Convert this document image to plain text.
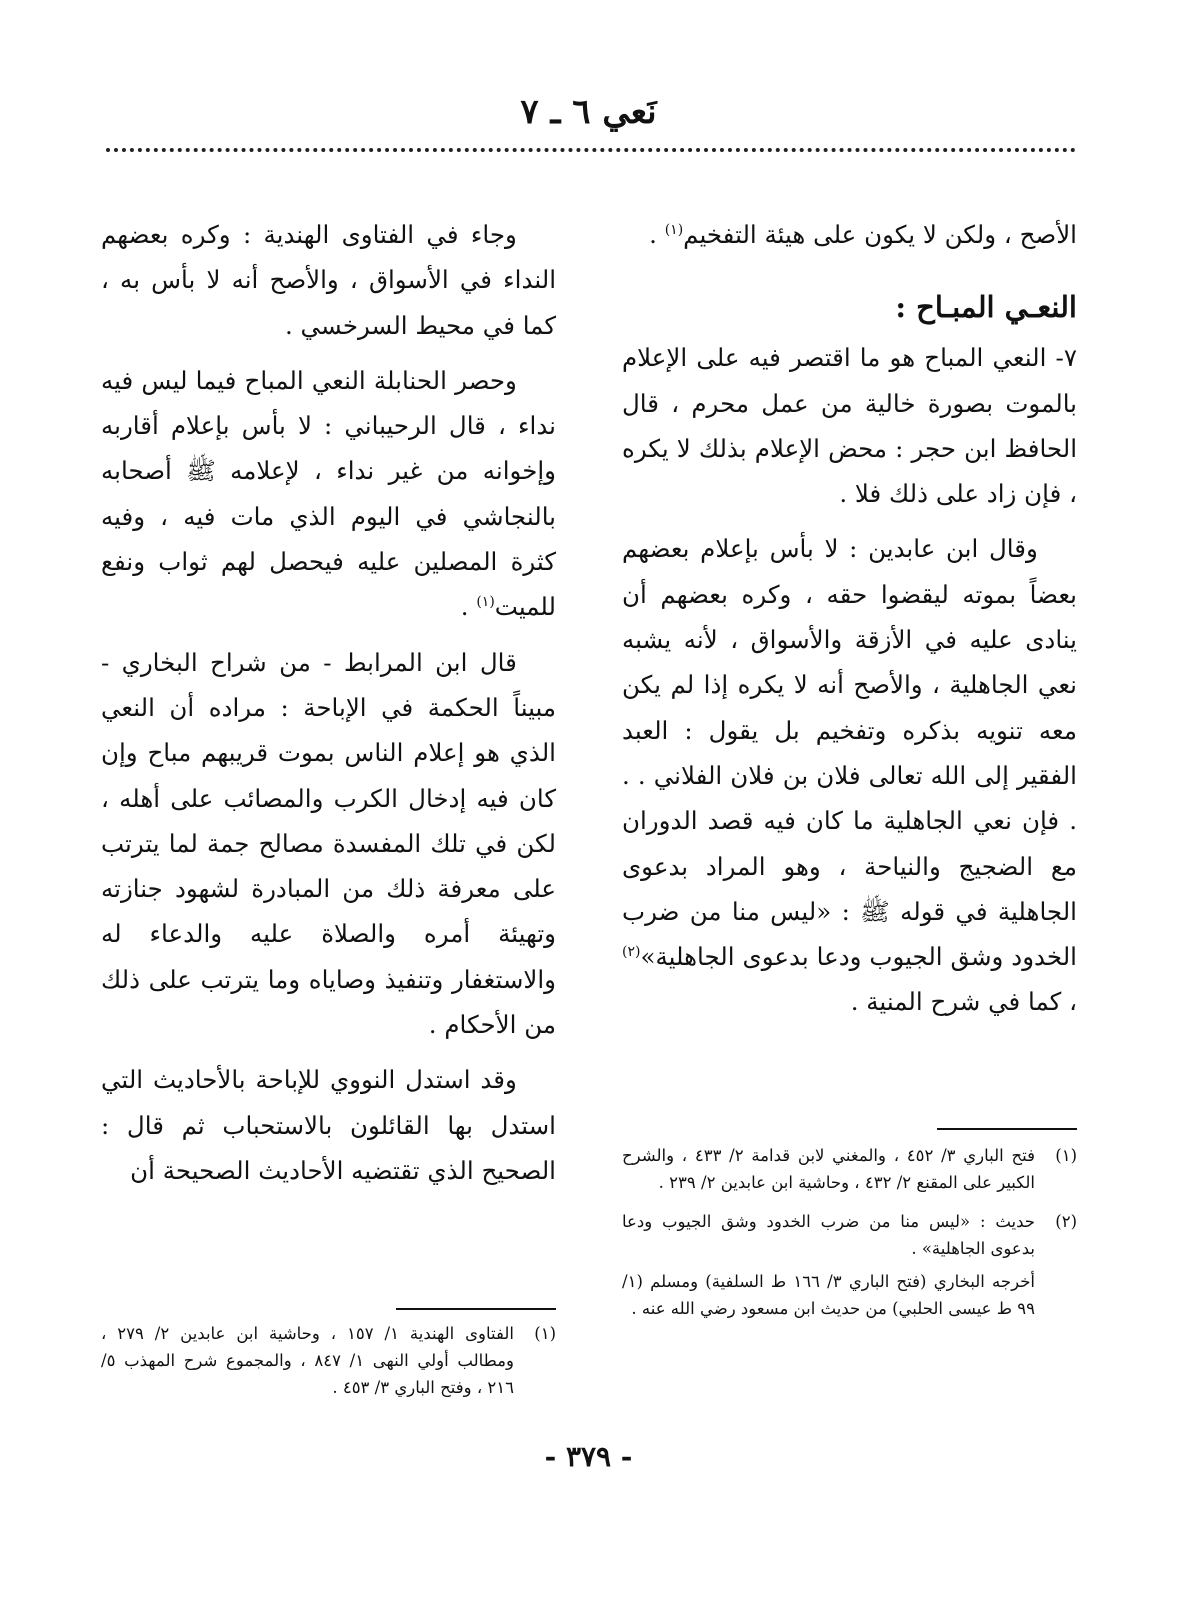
نَعي ٦ ـ ٧

الأصح ، ولكن لا يكون على هيئة التفخيم$^{(١)}$ .

النعـي المبـاح :

٧- النعي المباح هو ما اقتصر فيه على الإعلام بالموت بصورة خالية من عمل محرم ، قال الحافظ ابن حجر : محض الإعلام بذلك لا يكره ، فإن زاد على ذلك فلا .

وقال ابن عابدين : لا بأس بإعلام بعضهم بعضاً بموته ليقضوا حقه ، وكره بعضهم أن ينادى عليه في الأزقة والأسواق ، لأنه يشبه نعي الجاهلية ، والأصح أنه لا يكره إذا لم يكن معه تنويه بذكره وتفخيم بل يقول : العبد الفقير إلى الله تعالى فلان بن فلان الفلاني . . . فإن نعي الجاهلية ما كان فيه قصد الدوران مع الضجيج والنياحة ، وهو المراد بدعوى الجاهلية في قوله ﷺ : «ليس منا من ضرب الخدود وشق الجيوب ودعا بدعوى الجاهلية»$^{(٢)}$ ، كما في شرح المنية .

وجاء في الفتاوى الهندية : وكره بعضهم النداء في الأسواق ، والأصح أنه لا بأس به ، كما في محيط السرخسي .

وحصر الحنابلة النعي المباح فيما ليس فيه نداء ، قال الرحيباني : لا بأس بإعلام أقاربه وإخوانه من غير نداء ، لإعلامه ﷺ أصحابه بالنجاشي في اليوم الذي مات فيه ، وفيه كثرة المصلين عليه فيحصل لهم ثواب ونفع للميت$^{(١)}$ .

قال ابن المرابط - من شراح البخاري - مبيناً الحكمة في الإباحة : مراده أن النعي الذي هو إعلام الناس بموت قريبهم مباح وإن كان فيه إدخال الكرب والمصائب على أهله ، لكن في تلك المفسدة مصالح جمة لما يترتب على معرفة ذلك من المبادرة لشهود جنازته وتهيئة أمره والصلاة عليه والدعاء له والاستغفار وتنفيذ وصاياه وما يترتب على ذلك من الأحكام .

وقد استدل النووي للإباحة بالأحاديث التي استدل بها القائلون بالاستحباب ثم قال : الصحيح الذي تقتضيه الأحاديث الصحيحة أن

(١)
فتح الباري ٣/ ٤٥٢ ، والمغني لابن قدامة ٢/ ٤٣٣ ، والشرح الكبير على المقنع ٢/ ٤٣٢ ، وحاشية ابن عابدين ٢/ ٢٣٩ .
(٢)
حديث : «ليس منا من ضرب الخدود وشق الجيوب ودعا بدعوى الجاهلية» .
أخرجه البخاري (فتح الباري ٣/ ١٦٦ ط السلفية) ومسلم (١/ ٩٩ ط عيسى الحلبي) من حديث ابن مسعود رضي الله عنه .
(١)
الفتاوى الهندية ١/ ١٥٧ ، وحاشية ابن عابدين ٢/ ٢٧٩ ، ومطالب أولي النهى ١/ ٨٤٧ ، والمجموع شرح المهذب ٥/ ٢١٦ ، وفتح الباري ٣/ ٤٥٣ .
- ٣٧٩ -
